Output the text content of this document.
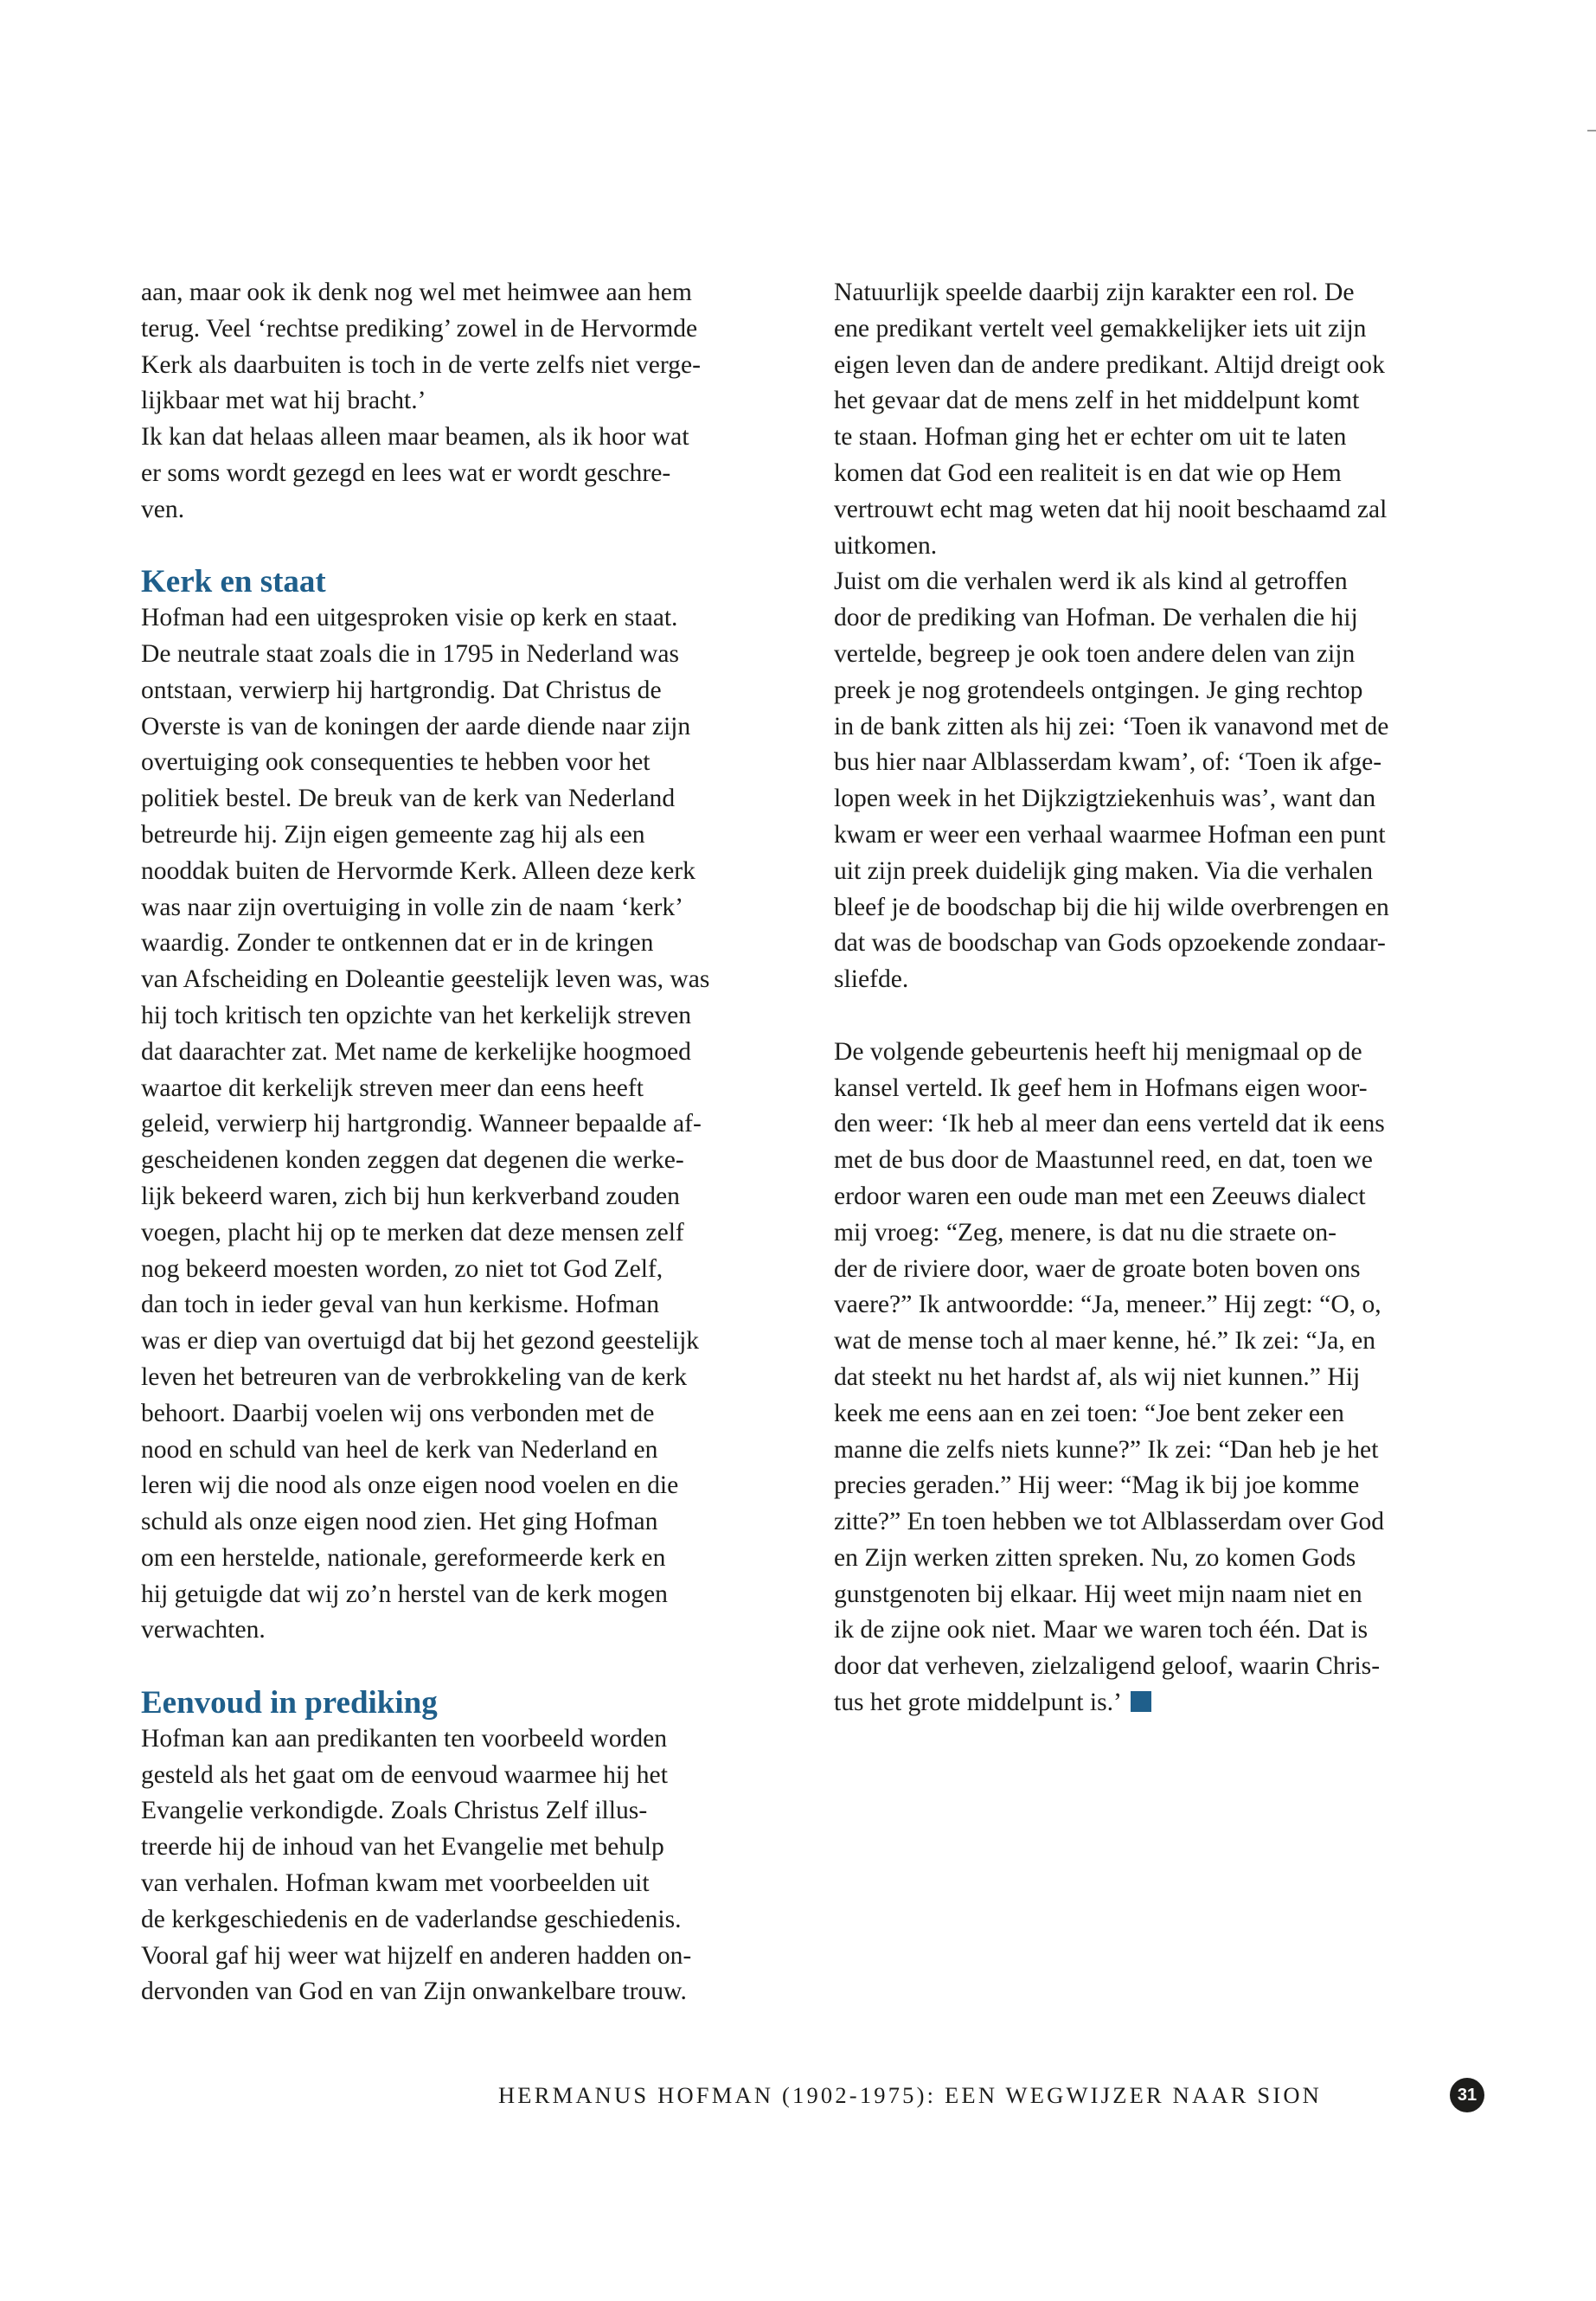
aan, maar ook ik denk nog wel met heimwee aan hem
terug. Veel ‘rechtse prediking’ zowel in de Hervormde
Kerk als daarbuiten is toch in de verte zelfs niet verge-
lijkbaar met wat hij bracht.’

Ik kan dat helaas alleen maar beamen, als ik hoor wat
er soms wordt gezegd en lees wat er wordt geschre-
ven.

Kerk en staat

Hofman had een uitgesproken visie op kerk en staat.
De neutrale staat zoals die in 1795 in Nederland was
ontstaan, verwierp hij hartgrondig. Dat Christus de
Overste is van de koningen der aarde diende naar zijn
overtuiging ook consequenties te hebben voor het
politiek bestel. De breuk van de kerk van Nederland
betreurde hij. Zijn eigen gemeente zag hij als een
nooddak buiten de Hervormde Kerk. Alleen deze kerk
was naar zijn overtuiging in volle zin de naam ‘kerk’
waardig. Zonder te ontkennen dat er in de kringen
van Afscheiding en Doleantie geestelijk leven was, was
hij toch kritisch ten opzichte van het kerkelijk streven
dat daarachter zat. Met name de kerkelijke hoogmoed
waartoe dit kerkelijk streven meer dan eens heeft
geleid, verwierp hij hartgrondig. Wanneer bepaalde af-
gescheidenen konden zeggen dat degenen die werke-
lijk bekeerd waren, zich bij hun kerkverband zouden
voegen, placht hij op te merken dat deze mensen zelf
nog bekeerd moesten worden, zo niet tot God Zelf,
dan toch in ieder geval van hun kerkisme. Hofman
was er diep van overtuigd dat bij het gezond geestelijk
leven het betreuren van de verbrokkeling van de kerk
behoort. Daarbij voelen wij ons verbonden met de
nood en schuld van heel de kerk van Nederland en
leren wij die nood als onze eigen nood voelen en die
schuld als onze eigen nood zien. Het ging Hofman
om een herstelde, nationale, gereformeerde kerk en
hij getuigde dat wij zo’n herstel van de kerk mogen
verwachten.

Eenvoud in prediking

Hofman kan aan predikanten ten voorbeeld worden
gesteld als het gaat om de eenvoud waarmee hij het
Evangelie verkondigde. Zoals Christus Zelf illus-
treerde hij de inhoud van het Evangelie met behulp
van verhalen. Hofman kwam met voorbeelden uit
de kerkgeschiedenis en de vaderlandse geschiedenis.
Vooral gaf hij weer wat hijzelf en anderen hadden on-
dervonden van God en van Zijn onwankelbare trouw.

Natuurlijk speelde daarbij zijn karakter een rol. De
ene predikant vertelt veel gemakkelijker iets uit zijn
eigen leven dan de andere predikant. Altijd dreigt ook
het gevaar dat de mens zelf in het middelpunt komt
te staan. Hofman ging het er echter om uit te laten
komen dat God een realiteit is en dat wie op Hem
vertrouwt echt mag weten dat hij nooit beschaamd zal
uitkomen.

Juist om die verhalen werd ik als kind al getroffen
door de prediking van Hofman. De verhalen die hij
vertelde, begreep je ook toen andere delen van zijn
preek je nog grotendeels ontgingen. Je ging rechtop
in de bank zitten als hij zei: ‘Toen ik vanavond met de
bus hier naar Alblasserdam kwam’, of: ‘Toen ik afge-
lopen week in het Dijkzigtziekenhuis was’, want dan
kwam er weer een verhaal waarmee Hofman een punt
uit zijn preek duidelijk ging maken. Via die verhalen
bleef je de boodschap bij die hij wilde overbrengen en
dat was de boodschap van Gods opzoekende zondaar-
sliefde.

De volgende gebeurtenis heeft hij menigmaal op de
kansel verteld. Ik geef hem in Hofmans eigen woor-
den weer: ‘Ik heb al meer dan eens verteld dat ik eens
met de bus door de Maastunnel reed, en dat, toen we
erdoor waren een oude man met een Zeeuws dialect
mij vroeg: “Zeg, menere, is dat nu die straete on-
der de riviere door, waer de groate boten boven ons
vaere?” Ik antwoordde: “Ja, meneer.” Hij zegt: “O, o,
wat de mense toch al maer kenne, hé.” Ik zei: “Ja, en
dat steekt nu het hardst af, als wij niet kunnen.” Hij
keek me eens aan en zei toen: “Joe bent zeker een
manne die zelfs niets kunne?” Ik zei: “Dan heb je het
precies geraden.” Hij weer: “Mag ik bij joe komme
zitte?” En toen hebben we tot Alblasserdam over God
en Zijn werken zitten spreken. Nu, zo komen Gods
gunstgenoten bij elkaar. Hij weet mijn naam niet en
ik de zijne ook niet. Maar we waren toch één. Dat is
door dat verheven, zielzaligend geloof, waarin Chris-
tus het grote middelpunt is.’

HERMANUS HOFMAN (1902-1975): EEN WEGWIJZER NAAR SION	31
